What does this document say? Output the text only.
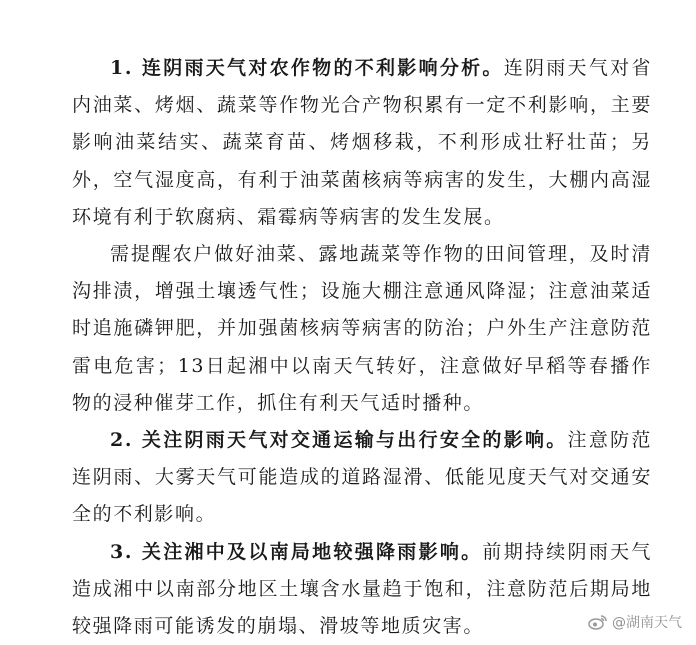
1. 连阴雨天气对农作物的不利影响分析。连阴雨天气对省内油菜、烤烟、蔬菜等作物光合产物积累有一定不利影响，主要影响油菜结实、蔬菜育苗、烤烟移栽，不利形成壮籽壮苗；另外，空气湿度高，有利于油菜菌核病等病害的发生，大棚内高湿环境有利于软腐病、霜霉病等病害的发生发展。

需提醒农户做好油菜、露地蔬菜等作物的田间管理，及时清沟排渍，增强土壤透气性；设施大棚注意通风降湿；注意油菜适时追施磷钾肥，并加强菌核病等病害的防治；户外生产注意防范雷电危害；13日起湘中以南天气转好，注意做好早稻等春播作物的浸种催芽工作，抓住有利天气适时播种。

2. 关注阴雨天气对交通运输与出行安全的影响。注意防范连阴雨、大雾天气可能造成的道路湿滑、低能见度天气对交通安全的不利影响。

3. 关注湘中及以南局地较强降雨影响。前期持续阴雨天气造成湘中以南部分地区土壤含水量趋于饱和，注意防范后期局地较强降雨可能诱发的崩塌、滑坡等地质灾害。	@湖南天气
